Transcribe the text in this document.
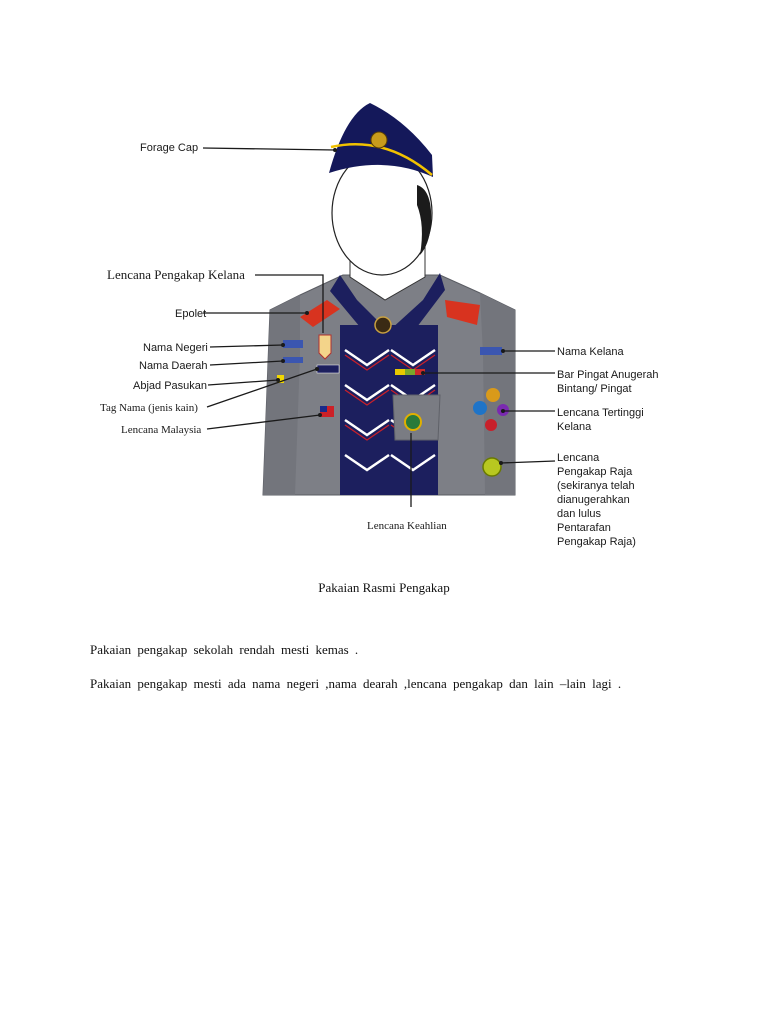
Forage Cap
Lencana Pengakap Kelana
Epolet
Nama Negeri
Nama Daerah
Abjad Pasukan
Tag Nama (jenis kain)
Lencana Malaysia
Lencana Keahlian
Nama Kelana
Bar Pingat Anugerah
Bintang/ Pingat
Lencana Tertinggi
Kelana
Lencana
Pengakap Raja
(sekiranya telah
dianugerahkan
dan lulus
Pentarafan
Pengakap Raja)
Pakaian Rasmi Pengakap
Pakaian pengakap sekolah rendah mesti kemas .
Pakaian pengakap mesti ada nama negeri ,nama dearah ,lencana pengakap dan lain –lain lagi .
